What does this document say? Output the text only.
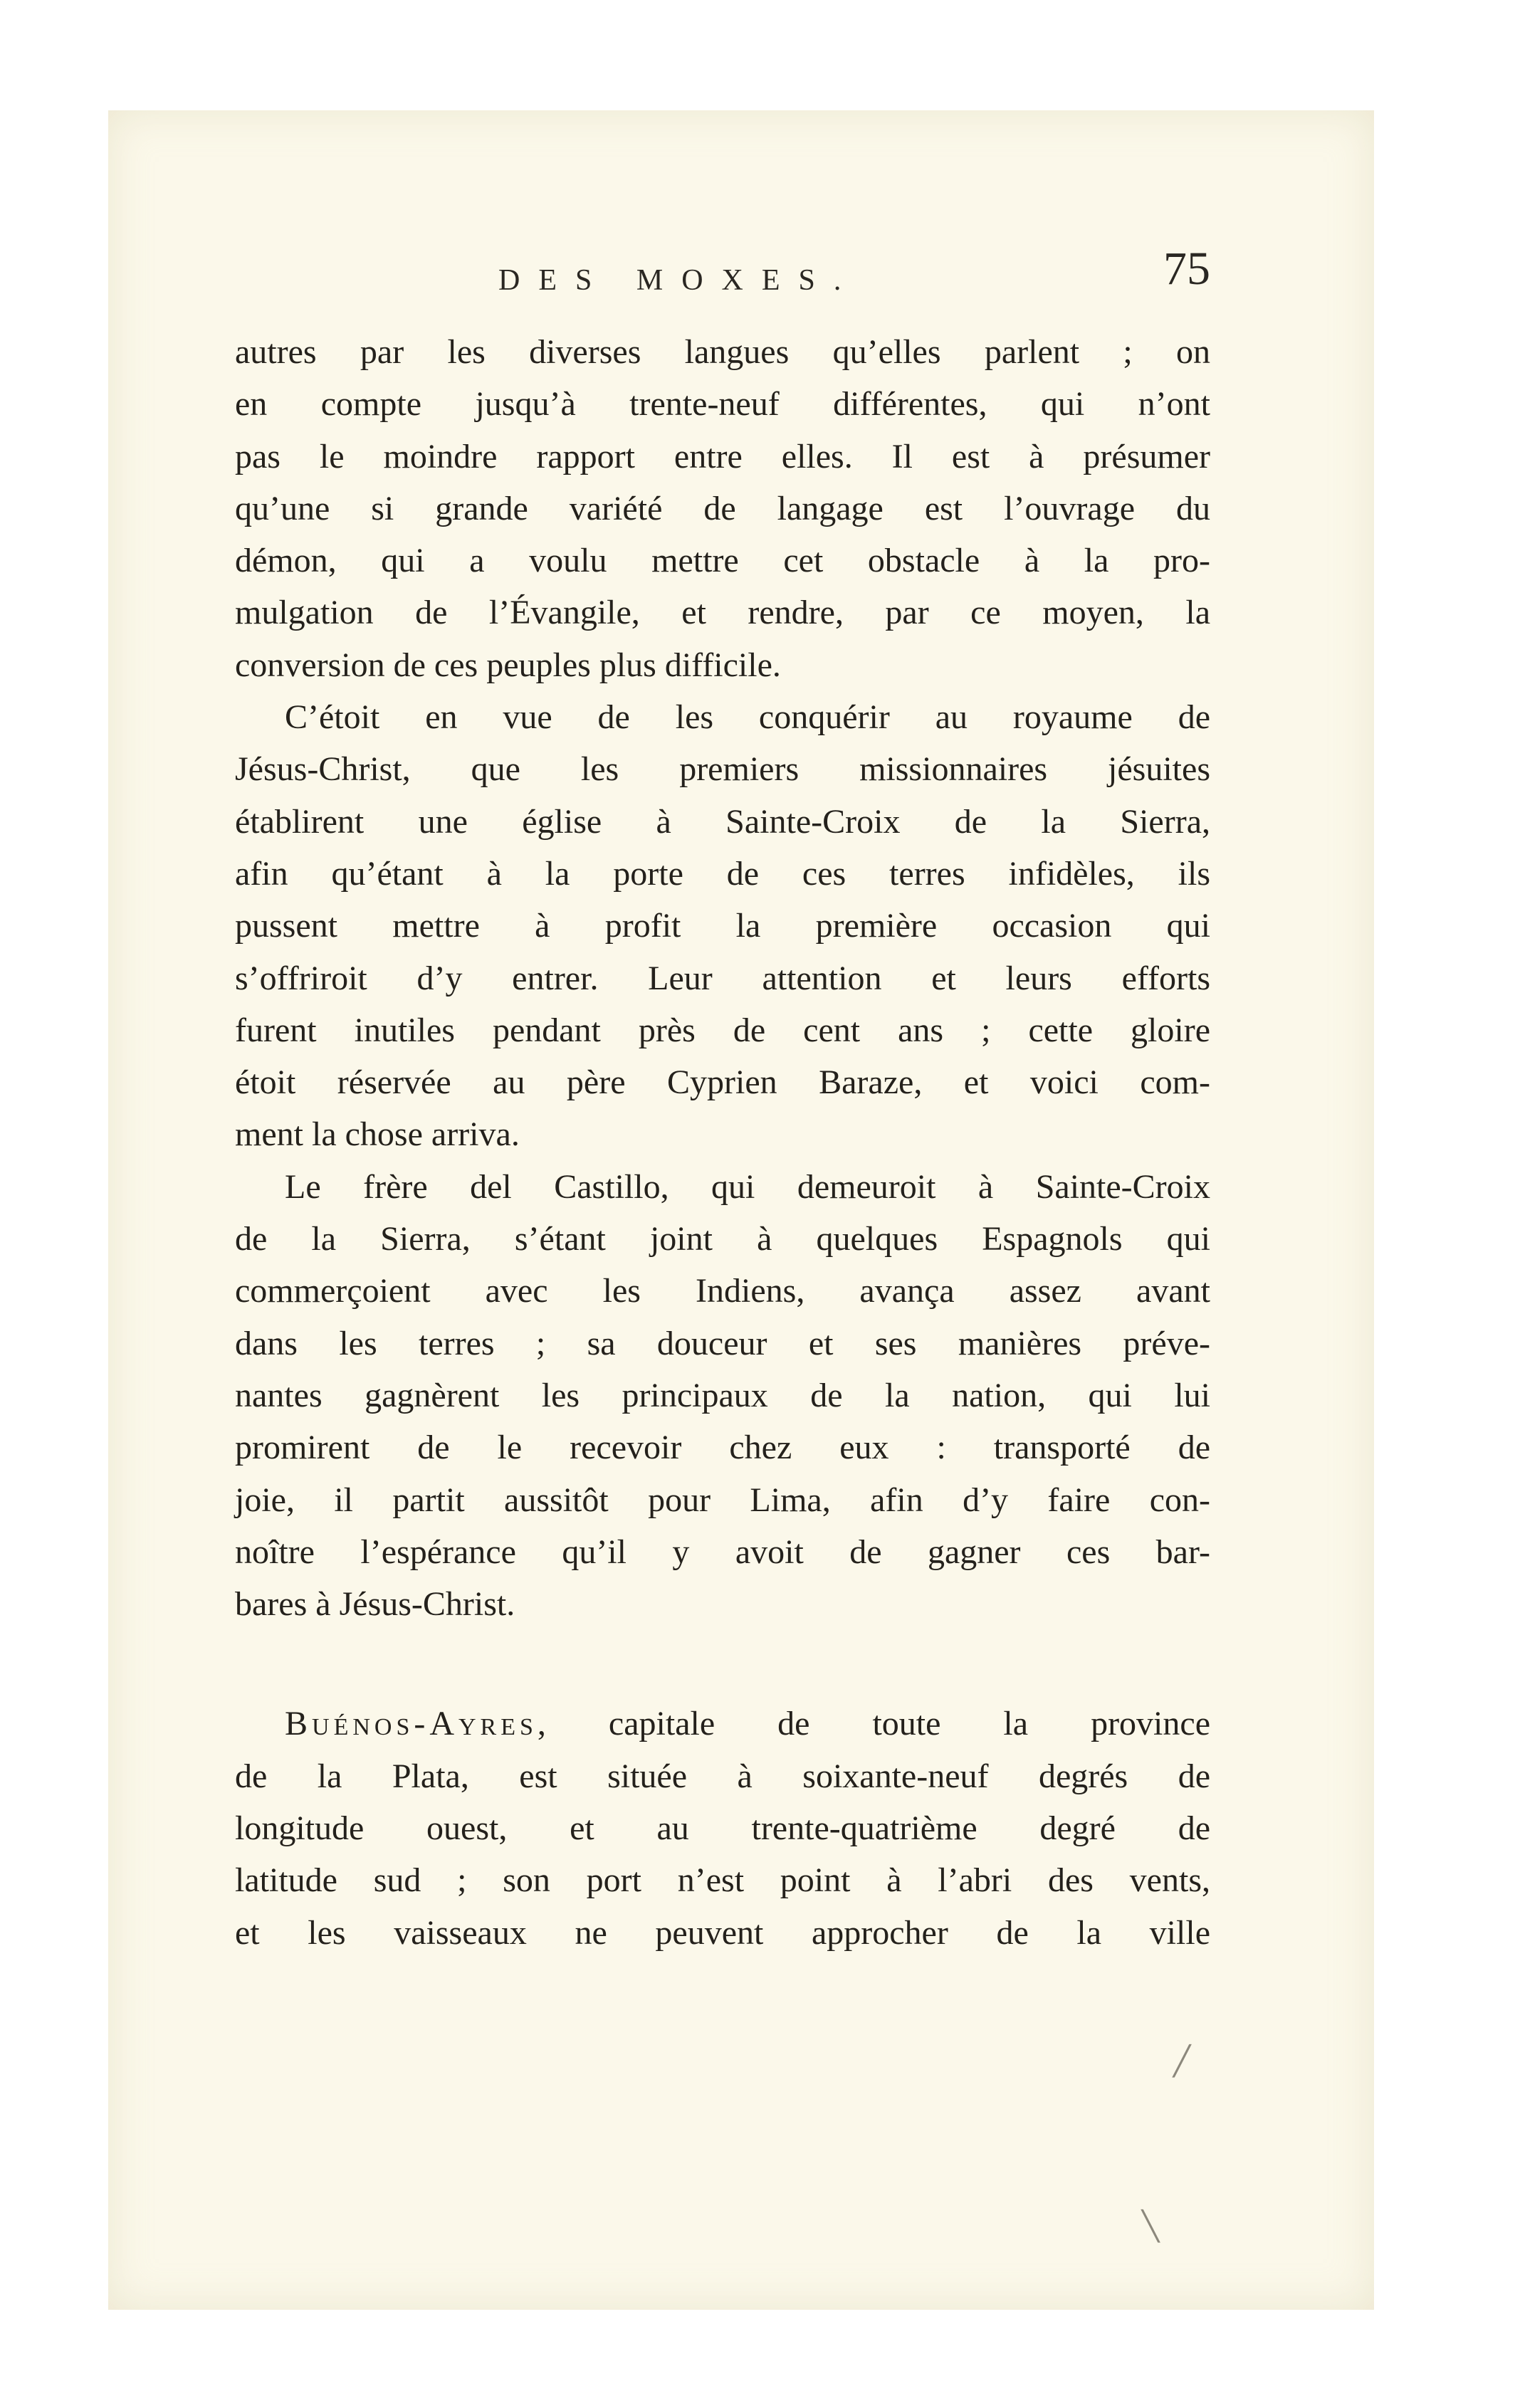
DES MOXES.	75
autres par les diverses langues qu’elles parlent ; on
en compte jusqu’à trente-neuf différentes, qui n’ont
pas le moindre rapport entre elles. Il est à présumer
qu’une si grande variété de langage est l’ouvrage du
démon, qui a voulu mettre cet obstacle à la pro-
mulgation de l’Évangile, et rendre, par ce moyen, la
conversion de ces peuples plus difficile.
C’étoit en vue de les conquérir au royaume de
Jésus-Christ, que les premiers missionnaires jésuites
établirent une église à Sainte-Croix de la Sierra,
afin qu’étant à la porte de ces terres infidèles, ils
pussent mettre à profit la première occasion qui
s’offriroit d’y entrer. Leur attention et leurs efforts
furent inutiles pendant près de cent ans ; cette gloire
étoit réservée au père Cyprien Baraze, et voici com-
ment la chose arriva.
Le frère del Castillo, qui demeuroit à Sainte-Croix
de la Sierra, s’étant joint à quelques Espagnols qui
commerçoient avec les Indiens, avança assez avant
dans les terres ; sa douceur et ses manières préve-
nantes gagnèrent les principaux de la nation, qui lui
promirent de le recevoir chez eux : transporté de
joie, il partit aussitôt pour Lima, afin d’y faire con-
noître l’espérance qu’il y avoit de gagner ces bar-
bares à Jésus-Christ.
Buénos-Ayres, capitale de toute la province
de la Plata, est située à soixante-neuf degrés de
longitude ouest, et au trente-quatrième degré de
latitude sud ; son port n’est point à l’abri des vents,
et les vaisseaux ne peuvent approcher de la ville
╱
╲
